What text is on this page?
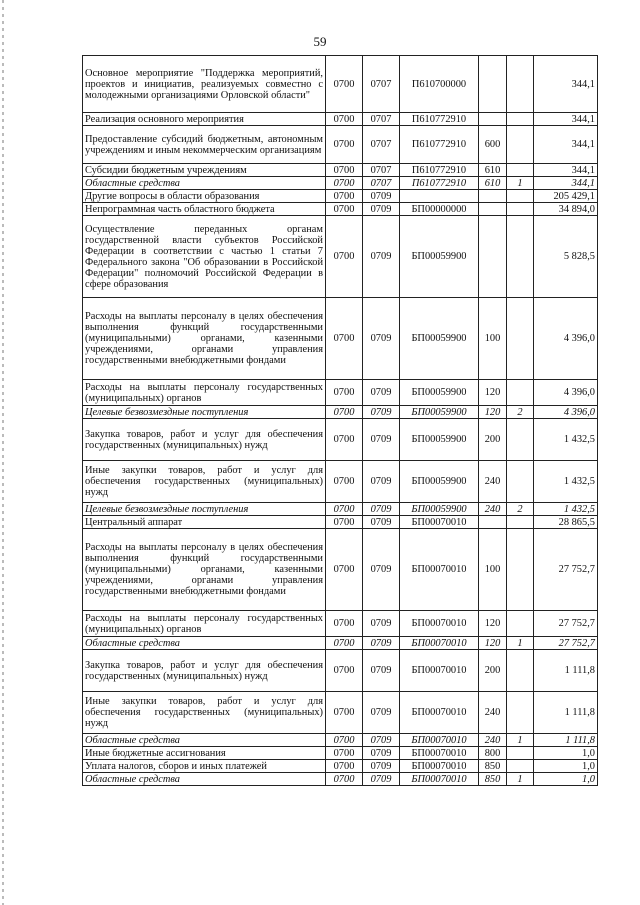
59
Основное мероприятие "Поддержка мероприятий, проектов и инициатив, реализуемых совместно с молодежными организациями Орловской области"	0700	0707	П610700000			344,1
Реализация основного мероприятия	0700	0707	П610772910			344,1
Предоставление субсидий бюджетным, автономным учреждениям и иным некоммерческим организациям	0700	0707	П610772910	600		344,1
Субсидии бюджетным учреждениям	0700	0707	П610772910	610		344,1
Областные средства	0700	0707	П610772910	610	1	344,1
Другие вопросы в области образования	0700	0709				205 429,1
Непрограммная часть областного бюджета	0700	0709	БП00000000			34 894,0
Осуществление переданных органам государственной власти субъектов Российской Федерации в соответствии с частью 1 статьи 7 Федерального закона "Об образовании в Российской Федерации" полномочий Российской Федерации в сфере образования	0700	0709	БП00059900			5 828,5
Расходы на выплаты персоналу в целях обеспечения выполнения функций государственными (муниципальными) органами, казенными учреждениями, органами управления государственными внебюджетными фондами	0700	0709	БП00059900	100		4 396,0
Расходы на выплаты персоналу государственных (муниципальных) органов	0700	0709	БП00059900	120		4 396,0
Целевые безвозмездные поступления	0700	0709	БП00059900	120	2	4 396,0
Закупка товаров, работ и услуг для обеспечения государственных (муниципальных) нужд	0700	0709	БП00059900	200		1 432,5
Иные закупки товаров, работ и услуг для обеспечения государственных (муниципальных) нужд	0700	0709	БП00059900	240		1 432,5
Целевые безвозмездные поступления	0700	0709	БП00059900	240	2	1 432,5
Центральный аппарат	0700	0709	БП00070010			28 865,5
Расходы на выплаты персоналу в целях обеспечения выполнения функций государственными (муниципальными) органами, казенными учреждениями, органами управления государственными внебюджетными фондами	0700	0709	БП00070010	100		27 752,7
Расходы на выплаты персоналу государственных (муниципальных) органов	0700	0709	БП00070010	120		27 752,7
Областные средства	0700	0709	БП00070010	120	1	27 752,7
Закупка товаров, работ и услуг для обеспечения государственных (муниципальных) нужд	0700	0709	БП00070010	200		1 111,8
Иные закупки товаров, работ и услуг для обеспечения государственных (муниципальных) нужд	0700	0709	БП00070010	240		1 111,8
Областные средства	0700	0709	БП00070010	240	1	1 111,8
Иные бюджетные ассигнования	0700	0709	БП00070010	800		1,0
Уплата налогов, сборов и иных платежей	0700	0709	БП00070010	850		1,0
Областные средства	0700	0709	БП00070010	850	1	1,0
